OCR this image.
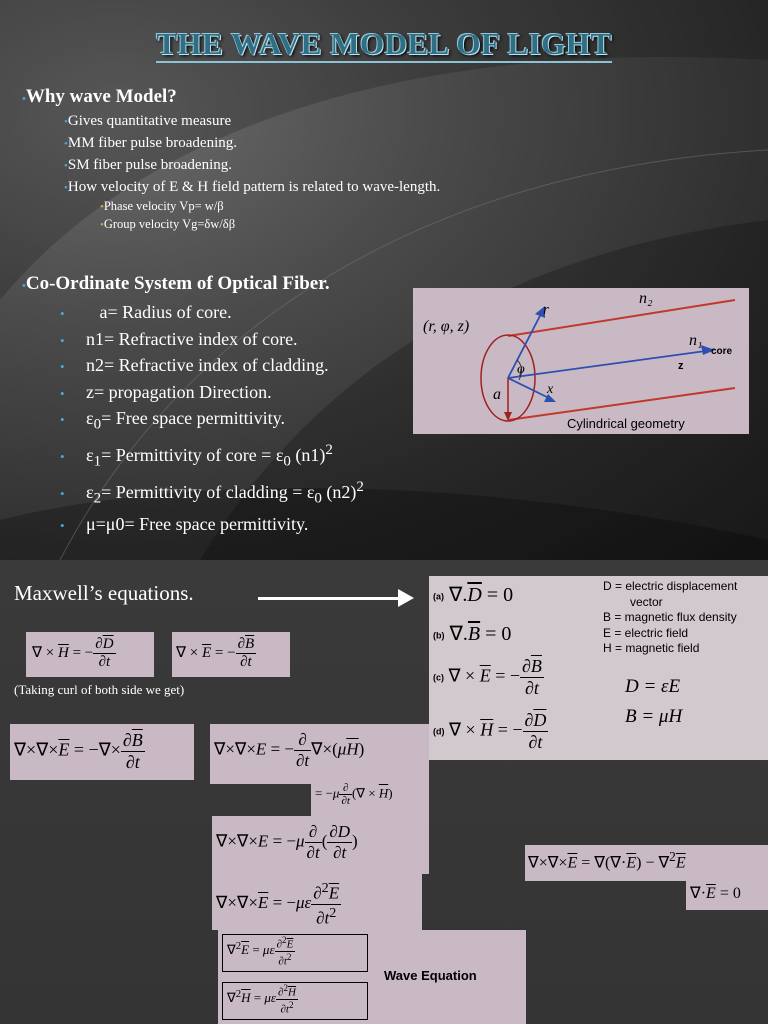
THE WAVE MODEL OF LIGHT
•Why wave Model?
•Gives quantitative measure
•MM fiber pulse broadening.
•SM fiber pulse broadening.
•How velocity of E & H field pattern is related to wave-length.
•Phase velocity Vp= w/β
•Group velocity Vg=δw/δβ
•Co-Ordinate System of Optical Fiber.
• a= Radius of core.
• n1= Refractive index of core.
• n2= Refractive index of cladding.
• z= propagation Direction.
• $\varepsilon_0=$ Free space permittivity.
• $\varepsilon_1=$ Permittivity of core = $\varepsilon_0$ $(n1)^2$
• $\varepsilon_2=$ Permittivity of cladding = $\varepsilon_0$ $(n2)^2$
• μ=μ0= Free space permittivity.
(r, φ, z)
n₂
n₁
core
r
z
φ
x
a
Cylindrical geometry
Maxwell’s equations.	(a) $\nabla.\overline{D} = 0$
(b) $\nabla.\overline{B} = 0$
(c) ∇ × $\overline{E}$ = − $\frac{\partial\overline{B}}{\partial t}$
(d) ∇ × $\overline{H}$ = − $\frac{\partial\overline{D}}{\partial t}$
D = electric displacement
vector
B = magnetic flux density
E = electric field
H = magnetic field
D = εE
B = μH
∇ × $\overline{H}$ = − $\frac{\partial\overline{D}}{\partial t}$	∇ × $\overline{E}$ = − $\frac{\partial\overline{B}}{\partial t}$
(Taking curl of both side we get)
$\nabla\times\nabla\times\overline{E}$ = −∇× $\frac{\partial\overline{B}}{\partial t}$	∇×∇×E = − $\frac{\partial}{\partial t} \nabla\times(\mu\overline{H})$
= $-\mu \frac{\partial}{\partial t}$ (∇ × $\overline{H}$)
$\nabla\times\nabla\times E = -\mu \frac{\partial}{\partial t}$ ( $\frac{\partial D}{\partial t}$ )
$\nabla\times\nabla\times\overline{E} = -\mu\varepsilon \frac{\partial^2\overline{E}}{\partial t^2}$
$\nabla^2\overline{E} = \mu\varepsilon \frac{\partial^2\overline{E}}{\partial t^2}$
$\nabla^2\overline{H} = \mu\varepsilon \frac{\partial^2\overline{H}}{\partial t^2}$
Wave Equation
$\nabla\times\nabla\times\overline{E} = \nabla(\nabla\cdot\overline{E}) - \nabla^2\overline{E}$
$\nabla\cdot\overline{E} = 0$
